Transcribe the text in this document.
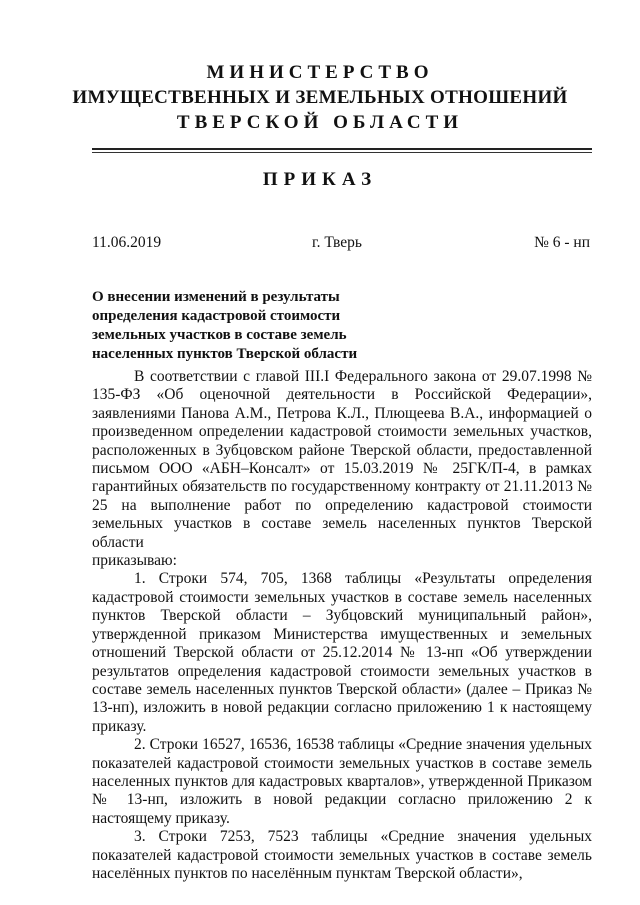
МИНИСТЕРСТВО
ИМУЩЕСТВЕННЫХ И ЗЕМЕЛЬНЫХ ОТНОШЕНИЙ
ТВЕРСКОЙ ОБЛАСТИ
ПРИКАЗ
11.06.2019	г. Тверь	№ 6 - нп
О внесении изменений в результаты определения кадастровой стоимости земельных участков в составе земель населенных пунктов Тверской области

В соответствии с главой III.I Федерального закона от 29.07.1998 № 135-ФЗ «Об оценочной деятельности в Российской Федерации», заявлениями Панова А.М., Петрова К.Л., Плющеева В.А., информацией о произведенном определении кадастровой стоимости земельных участков, расположенных в Зубцовском районе Тверской области, предоставленной письмом ООО «АБН–Консалт» от 15.03.2019 № 25ГК/П-4, в рамках гарантийных обязательств по государственному контракту от 21.11.2013 № 25 на выполнение работ по определению кадастровой стоимости земельных участков в составе земель населенных пунктов Тверской области

приказываю:

1. Строки 574, 705, 1368 таблицы «Результаты определения кадастровой стоимости земельных участков в составе земель населенных пунктов Тверской области – Зубцовский муниципальный район», утвержденной приказом Министерства имущественных и земельных отношений Тверской области от 25.12.2014 № 13-нп «Об утверждении результатов определения кадастровой стоимости земельных участков в составе земель населенных пунктов Тверской области» (далее – Приказ № 13-нп), изложить в новой редакции согласно приложению 1 к настоящему приказу.

2. Строки 16527, 16536, 16538 таблицы «Средние значения удельных показателей кадастровой стоимости земельных участков в составе земель населенных пунктов для кадастровых кварталов», утвержденной Приказом № 13-нп, изложить в новой редакции согласно приложению 2 к настоящему приказу.

3. Строки 7253, 7523 таблицы «Средние значения удельных показателей кадастровой стоимости земельных участков в составе земель населённых пунктов по населённым пунктам Тверской области»,
